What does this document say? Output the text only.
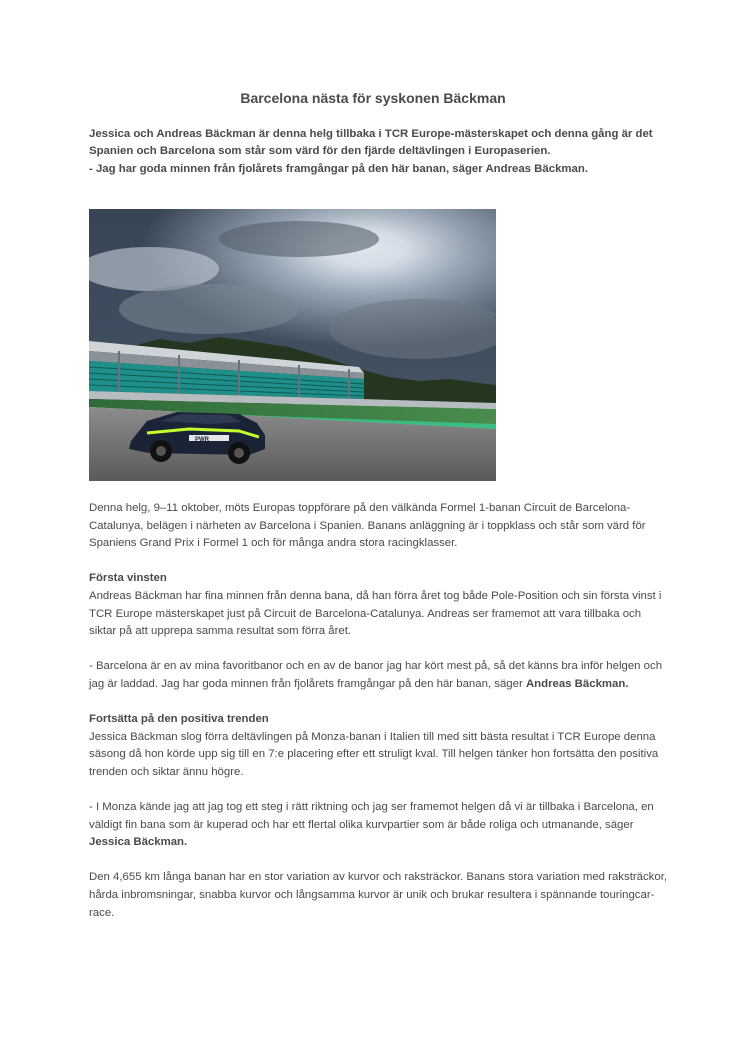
Barcelona nästa för syskonen Bäckman

Jessica och Andreas Bäckman är denna helg tillbaka i TCR Europe-mästerskapet och denna gång är det Spanien och Barcelona som står som värd för den fjärde deltävlingen i Europaserien.

- Jag har goda minnen från fjolårets framgångar på den här banan, säger Andreas Bäckman.

PWR

Denna helg, 9–11 oktober, möts Europas toppförare på den välkända Formel 1-banan Circuit de Barcelona-Catalunya, belägen i närheten av Barcelona i Spanien. Banans anläggning är i toppklass och står som värd för Spaniens Grand Prix i Formel 1 och för många andra stora racingklasser.

Första vinsten

Andreas Bäckman har fina minnen från denna bana, då han förra året tog både Pole-Position och sin första vinst i TCR Europe mästerskapet just på Circuit de Barcelona-Catalunya. Andreas ser framemot att vara tillbaka och siktar på att upprepa samma resultat som förra året.

- Barcelona är en av mina favoritbanor och en av de banor jag har kört mest på, så det känns bra inför helgen och jag är laddad. Jag har goda minnen från fjolårets framgångar på den här banan, säger Andreas Bäckman.

Fortsätta på den positiva trenden

Jessica Bäckman slog förra deltävlingen på Monza-banan i Italien till med sitt bästa resultat i TCR Europe denna säsong då hon körde upp sig till en 7:e placering efter ett struligt kval. Till helgen tänker hon fortsätta den positiva trenden och siktar ännu högre.

- I Monza kände jag att jag tog ett steg i rätt riktning och jag ser framemot helgen då vi är tillbaka i Barcelona, en väldigt fin bana som är kuperad och har ett flertal olika kurvpartier som är både roliga och utmanande, säger Jessica Bäckman.

Den 4,655 km långa banan har en stor variation av kurvor och raksträckor. Banans stora variation med raksträckor, hårda inbromsningar, snabba kurvor och långsamma kurvor är unik och brukar resultera i spännande touringcar-race.
